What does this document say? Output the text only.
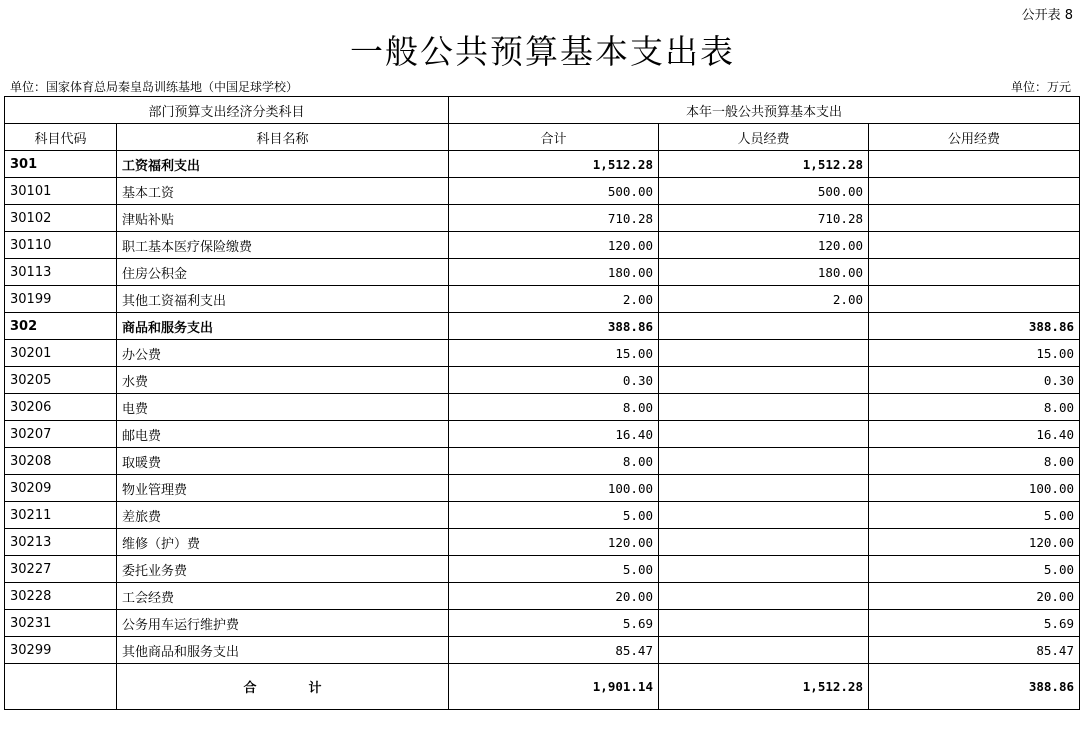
公开表 8
一般公共预算基本支出表
单位：国家体育总局秦皇岛训练基地（中国足球学校）	单位：万元
部门预算支出经济分类科目		本年一般公共预算基本支出		
科目代码	科目名称	合计	人员经费	公用经费
301	工资福利支出	1,512.28	1,512.28	
30101	基本工资	500.00	500.00	
30102	津贴补贴	710.28	710.28	
30110	职工基本医疗保险缴费	120.00	120.00	
30113	住房公积金	180.00	180.00	
30199	其他工资福利支出	2.00	2.00	
302	商品和服务支出	388.86		388.86
30201	办公费	15.00		15.00
30205	水费	0.30		0.30
30206	电费	8.00		8.00
30207	邮电费	16.40		16.40
30208	取暖费	8.00		8.00
30209	物业管理费	100.00		100.00
30211	差旅费	5.00		5.00
30213	维修（护）费	120.00		120.00
30227	委托业务费	5.00		5.00
30228	工会经费	20.00		20.00
30231	公务用车运行维护费	5.69		5.69
30299	其他商品和服务支出	85.47		85.47
	合　　　　计	1,901.14	1,512.28	388.86
